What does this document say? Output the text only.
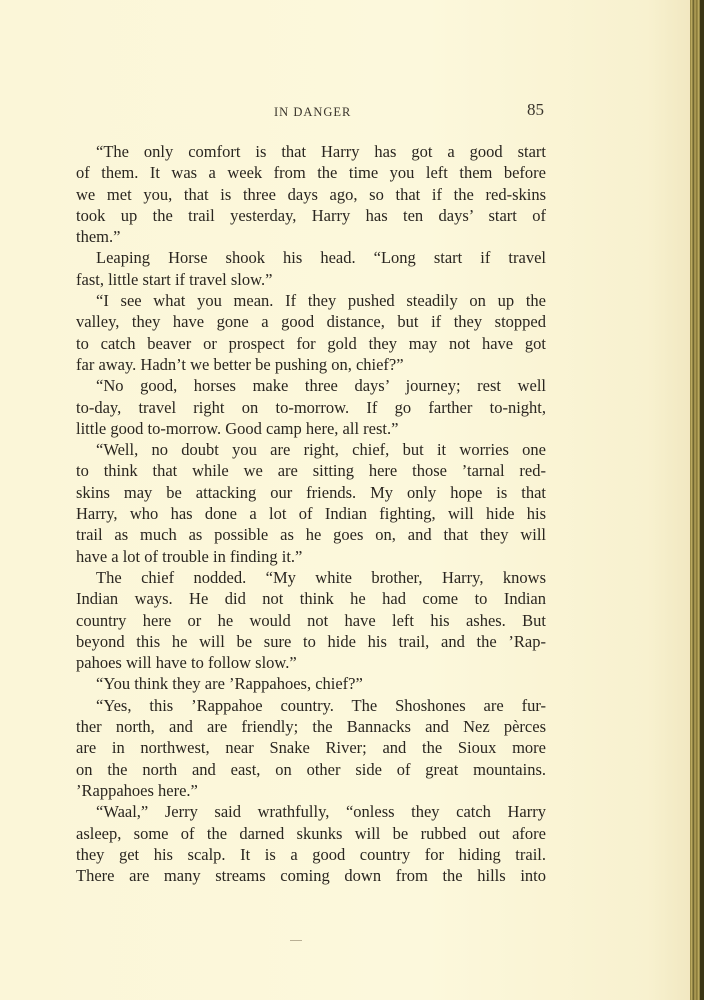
IN DANGER	85
“The only comfort is that Harry has got a good start
of them. It was a week from the time you left them before
we met you, that is three days ago, so that if the red-skins
took up the trail yesterday, Harry has ten days’ start of
them.”
Leaping Horse shook his head. “Long start if travel
fast, little start if travel slow.”
“I see what you mean. If they pushed steadily on up the
valley, they have gone a good distance, but if they stopped
to catch beaver or prospect for gold they may not have got
far away. Hadn’t we better be pushing on, chief?”
“No good, horses make three days’ journey; rest well
to-day, travel right on to-morrow. If go farther to-night,
little good to-morrow. Good camp here, all rest.”
“Well, no doubt you are right, chief, but it worries one
to think that while we are sitting here those ’tarnal red-
skins may be attacking our friends. My only hope is that
Harry, who has done a lot of Indian fighting, will hide his
trail as much as possible as he goes on, and that they will
have a lot of trouble in finding it.”
The chief nodded. “My white brother, Harry, knows
Indian ways. He did not think he had come to Indian
country here or he would not have left his ashes. But
beyond this he will be sure to hide his trail, and the ’Rap-
pahoes will have to follow slow.”
“You think they are ’Rappahoes, chief?”
“Yes, this ’Rappahoe country. The Shoshones are fur-
ther north, and are friendly; the Bannacks and Nez pèrces
are in northwest, near Snake River; and the Sioux more
on the north and east, on other side of great mountains.
’Rappahoes here.”
“Waal,” Jerry said wrathfully, “onless they catch Harry
asleep, some of the darned skunks will be rubbed out afore
they get his scalp. It is a good country for hiding trail.
There are many streams coming down from the hills into
